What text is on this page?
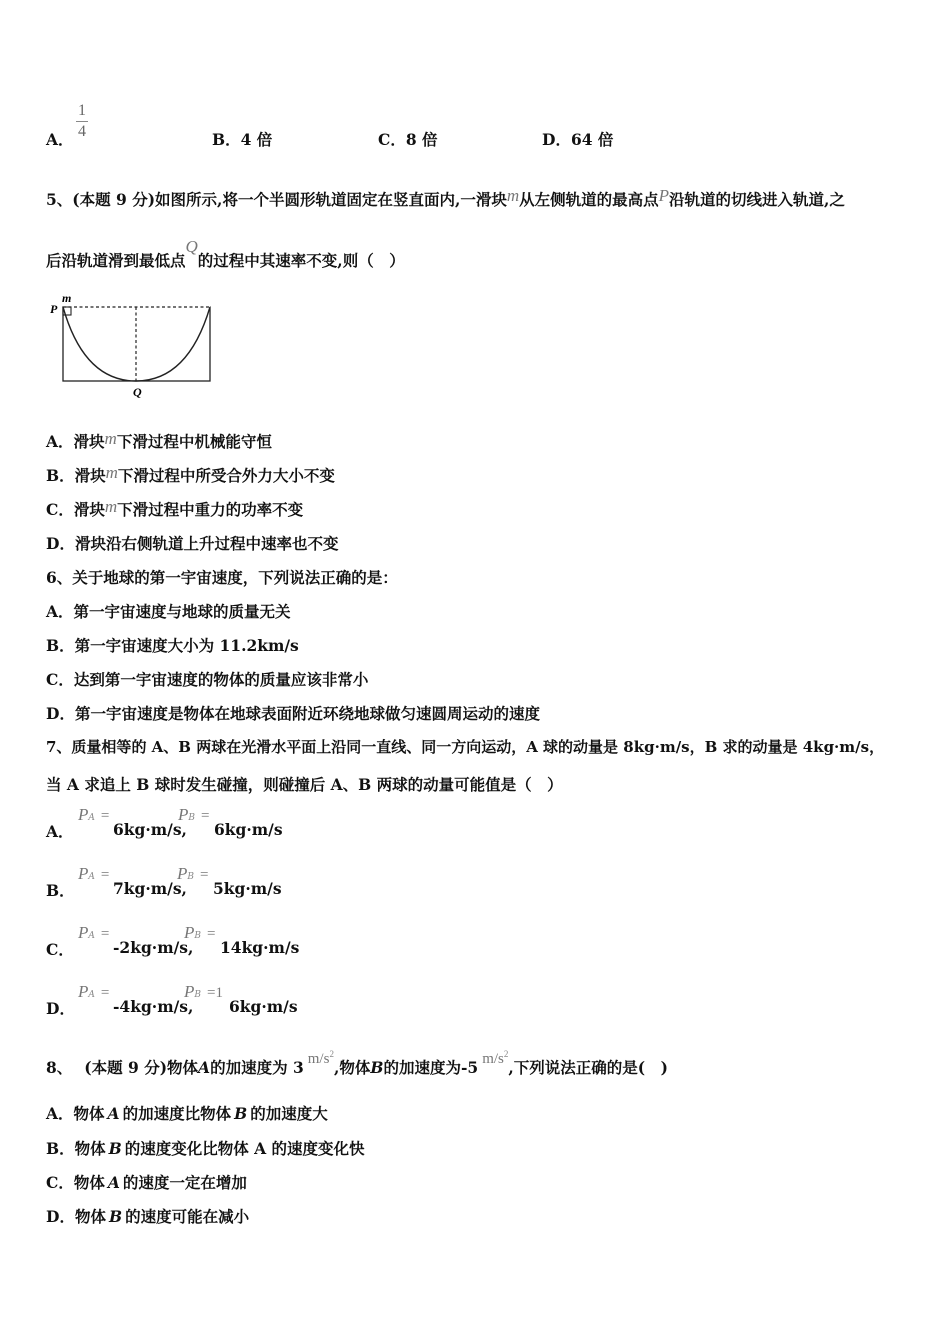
A．
1
4	B．4 倍	C．8 倍	D．64 倍
5、(本题 9 分)如图所示,将一个半圆形轨道固定在竖直面内,一滑块m从左侧轨道的最高点P沿轨道的切线进入轨道,之
后沿轨道滑到最低点Q的过程中其速率不变,则（　）
P
m
Q
A．滑块m下滑过程中机械能守恒
B．滑块m下滑过程中所受合外力大小不变
C．滑块m下滑过程中重力的功率不变
D．滑块沿右侧轨道上升过程中速率也不变
6、关于地球的第一宇宙速度，下列说法正确的是：
A．第一宇宙速度与地球的质量无关
B．第一宇宙速度大小为 11.2km/s
C．达到第一宇宙速度的物体的质量应该非常小
D．第一宇宙速度是物体在地球表面附近环绕地球做匀速圆周运动的速度
7、质量相等的 A、B 两球在光滑水平面上沿同一直线、同一方向运动，A 球的动量是 8kg·m/s，B 求的动量是 4kg·m/s，
当 A 求追上 B 球时发生碰撞，则碰撞后 A、B 两球的动量可能值是（　）
A．
PA =
6kg·m/s,
PB =
6kg·m/s
B．
PA =
7kg·m/s,
PB =
5kg·m/s
C．
PA =
-2kg·m/s,
PB =
14kg·m/s
D．
PA =
-4kg·m/s,
PB =1
6kg·m/s
8、 (本题 9 分)物体A的加速度为 3 $m/s^2$,物体B的加速度为-5 $m/s^2$,下列说法正确的是(　)
A．物体 A 的加速度比物体 B 的加速度大
B．物体 B 的速度变化比物体 A 的速度变化快
C．物体 A 的速度一定在增加
D．物体 B 的速度可能在减小
